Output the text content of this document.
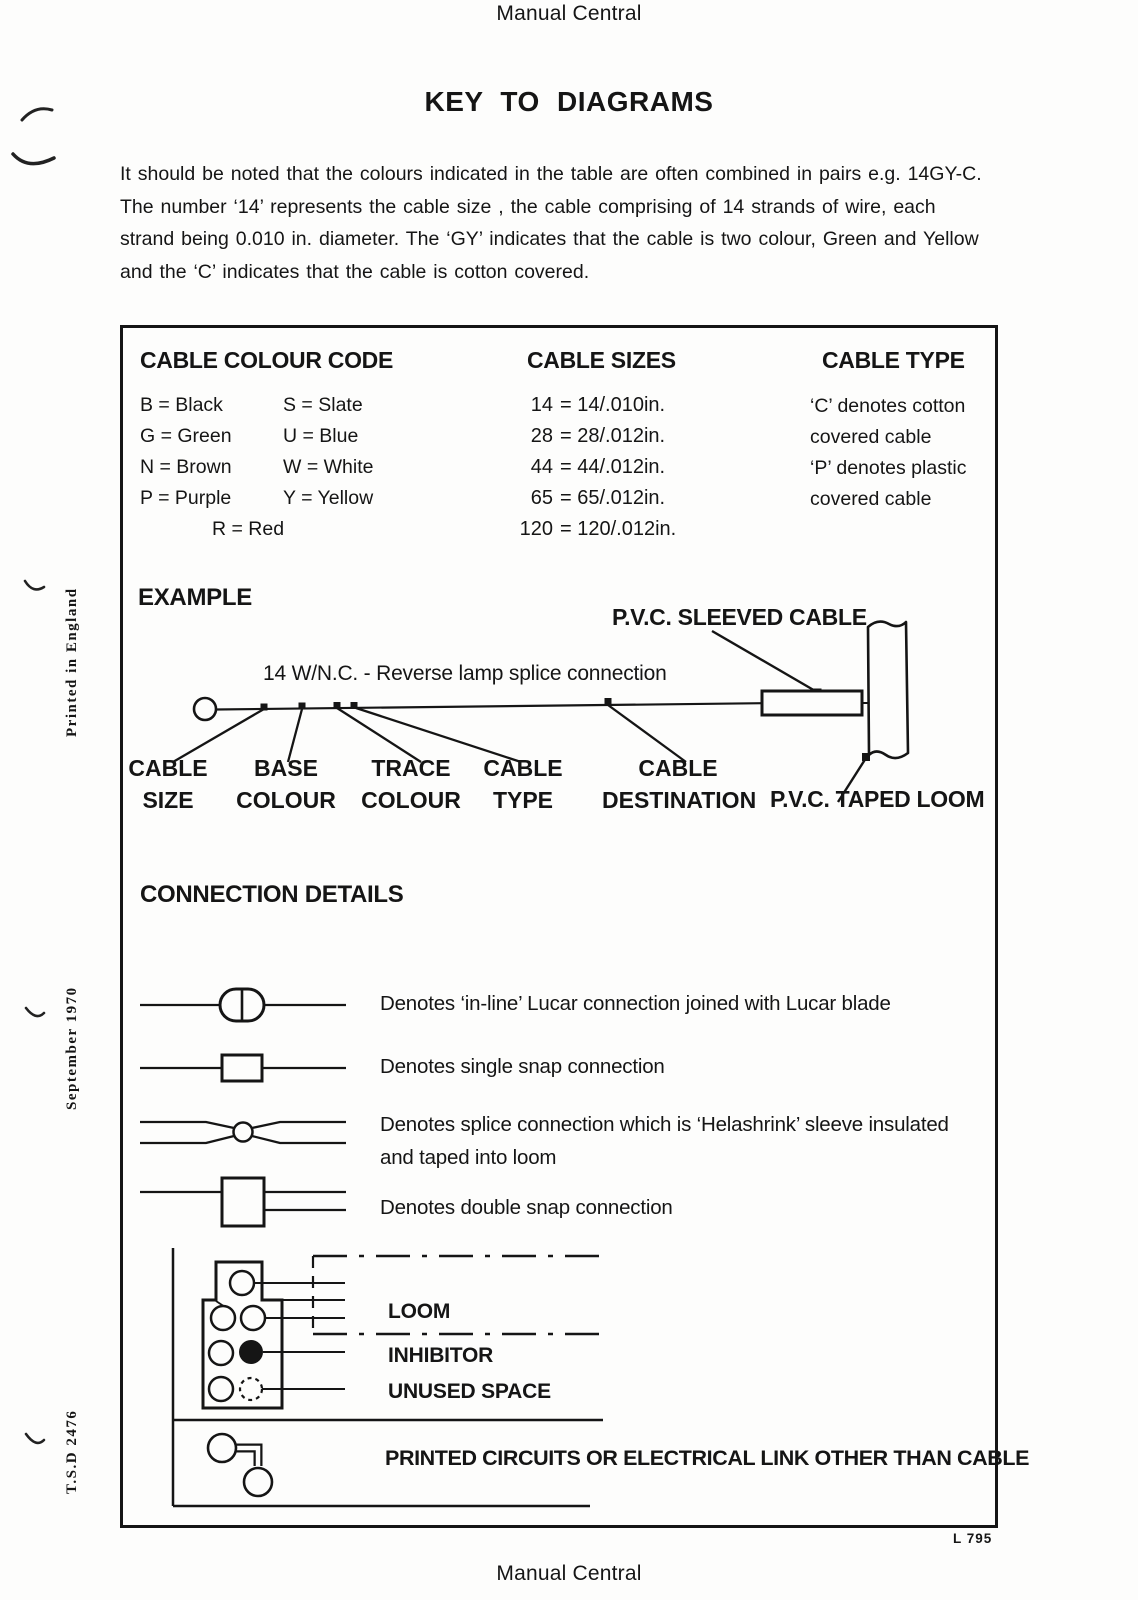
Manual Central
KEY TO DIAGRAMS
It should be noted that the colours indicated in the table are often combined in pairs e.g. 14GY-C.
The number ‘14’ represents the cable size , the cable comprising of 14 strands of wire, each
strand being 0.010 in. diameter. The ‘GY’ indicates that the cable is two colour, Green and Yellow
and the ‘C’ indicates that the cable is cotton covered.
CABLE COLOUR CODE
B = Black
G = Green
N = Brown
P = Purple
S = Slate
U = Blue
W = White
Y = Yellow
R = Red
CABLE SIZES
14 = 14/.010in.
28 = 28/.012in.
44 = 44/.012in.
65 = 65/.012in.
120 = 120/.012in.
CABLE TYPE
‘C’ denotes cotton
covered cable
‘P’ denotes plastic
covered cable
EXAMPLE
P.V.C. SLEEVED CABLE
14 W/N.C. - Reverse lamp splice connection
CABLE
SIZE
BASE
COLOUR
TRACE
COLOUR
CABLE
TYPE
CABLE
DESTINATION P.V.C. TAPED LOOM
CONNECTION DETAILS
Denotes ‘in-line’ Lucar connection joined with Lucar blade
Denotes single snap connection
Denotes splice connection which is ‘Helashrink’ sleeve insulated
and taped into loom
Denotes double snap connection
LOOM
INHIBITOR
UNUSED SPACE
PRINTED CIRCUITS OR ELECTRICAL LINK OTHER THAN CABLE
L 795
Manual Central
Printed in England
September 1970
T.S.D 2476
